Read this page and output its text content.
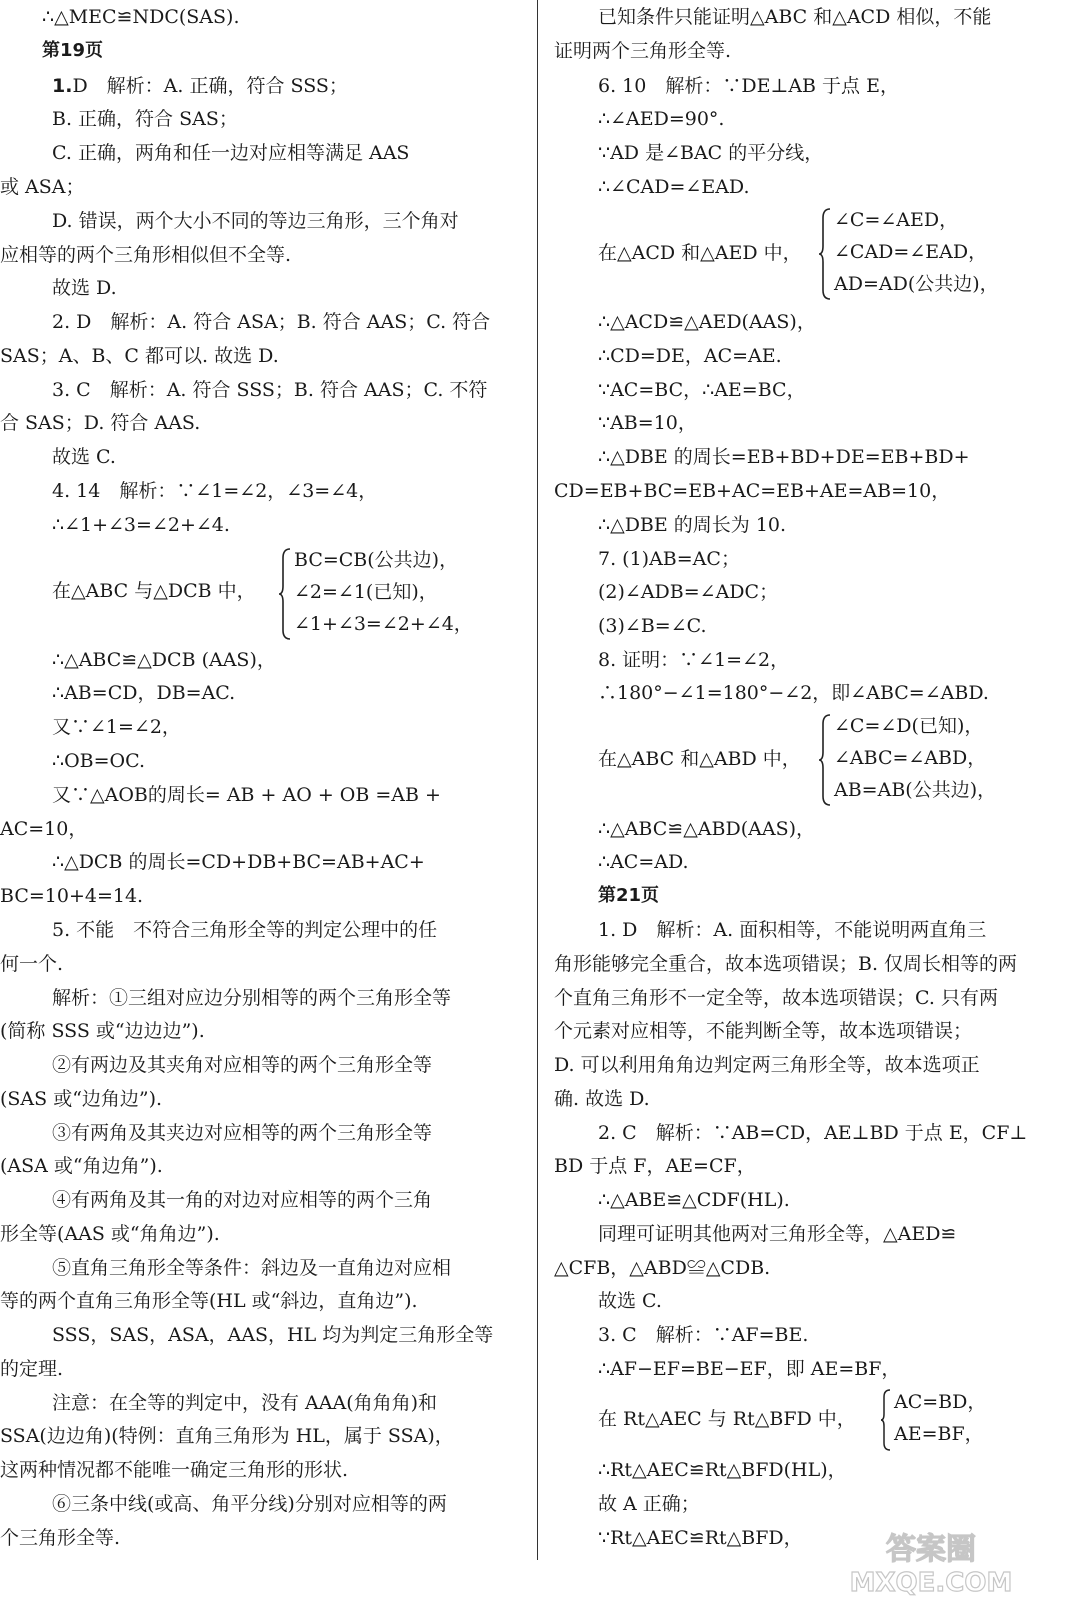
∴△MEC≌NDC(SAS).
第19页
1.D　解析：A. 正确，符合 SSS；
B. 正确，符合 SAS；
C. 正确，两角和任一边对应相等满足 AAS
或 ASA；
D. 错误，两个大小不同的等边三角形，三个角对
应相等的两个三角形相似但不全等.
故选 D.
2. D　解析：A. 符合 ASA；B. 符合 AAS；C. 符合
SAS；A、B、C 都可以. 故选 D.
3. C　解析：A. 符合 SSS；B. 符合 AAS；C. 不符
合 SAS；D. 符合 AAS.
故选 C.
4. 14　解析：∵∠1=∠2，∠3=∠4，
∴∠1+∠3=∠2+∠4.
在△ABC 与△DCB 中，
BC=CB(公共边)，
∠2=∠1(已知)，
∠1+∠3=∠2+∠4，
∴△ABC≌△DCB (AAS)，
∴AB=CD，DB=AC.
又∵∠1=∠2，
∴OB=OC.
又∵△AOB的周长= AB + AO + OB =AB +
AC=10，
∴△DCB 的周长=CD+DB+BC=AB+AC+
BC=10+4=14.
5. 不能　不符合三角形全等的判定公理中的任
何一个.
解析：①三组对应边分别相等的两个三角形全等
(简称 SSS 或“边边边”).
②有两边及其夹角对应相等的两个三角形全等
(SAS 或“边角边”).
③有两角及其夹边对应相等的两个三角形全等
(ASA 或“角边角”).
④有两角及其一角的对边对应相等的两个三角
形全等(AAS 或“角角边”).
⑤直角三角形全等条件：斜边及一直角边对应相
等的两个直角三角形全等(HL 或“斜边，直角边”).
SSS，SAS，ASA，AAS，HL 均为判定三角形全等
的定理.
注意：在全等的判定中，没有 AAA(角角角)和
SSA(边边角)(特例：直角三角形为 HL，属于 SSA)，
这两种情况都不能唯一确定三角形的形状.
⑥三条中线(或高、角平分线)分别对应相等的两
个三角形全等.
已知条件只能证明△ABC 和△ACD 相似，不能
证明两个三角形全等.
6. 10　解析：∵DE⊥AB 于点 E，
∴∠AED=90°.
∵AD 是∠BAC 的平分线，
∴∠CAD=∠EAD.
在△ACD 和△AED 中，
∠C=∠AED，
∠CAD=∠EAD，
AD=AD(公共边)，
∴△ACD≌△AED(AAS)，
∴CD=DE，AC=AE.
∵AC=BC，∴AE=BC，
∵AB=10，
∴△DBE 的周长=EB+BD+DE=EB+BD+
CD=EB+BC=EB+AC=EB+AE=AB=10，
∴△DBE 的周长为 10.
7. (1)AB=AC；
(2)∠ADB=∠ADC；
(3)∠B=∠C.
8. 证明：∵∠1=∠2，
∴180°−∠1=180°−∠2，即∠ABC=∠ABD.
在△ABC 和△ABD 中，
∠C=∠D(已知)，
∠ABC=∠ABD，
AB=AB(公共边)，
∴△ABC≌△ABD(AAS)，
∴AC=AD.
第21页
1. D　解析：A. 面积相等，不能说明两直角三
角形能够完全重合，故本选项错误；B. 仅周长相等的两
个直角三角形不一定全等，故本选项错误；C. 只有两
个元素对应相等，不能判断全等，故本选项错误；
D. 可以利用角角边判定两三角形全等，故本选项正
确. 故选 D.
2. C　解析：∵AB=CD，AE⊥BD 于点 E，CF⊥
BD 于点 F，AE=CF，
∴△ABE≌△CDF(HL).
同理可证明其他两对三角形全等，△AED≌
△CFB，△ABD≌△CDB.
故选 C.
3. C　解析：∵AF=BE.
∴AF−EF=BE−EF，即 AE=BF，
在 Rt△AEC 与 Rt△BFD 中，
AC=BD，
AE=BF，
∴Rt△AEC≌Rt△BFD(HL)，
故 A 正确；
∵Rt△AEC≌Rt△BFD，	答案圈
MXQE.COM
